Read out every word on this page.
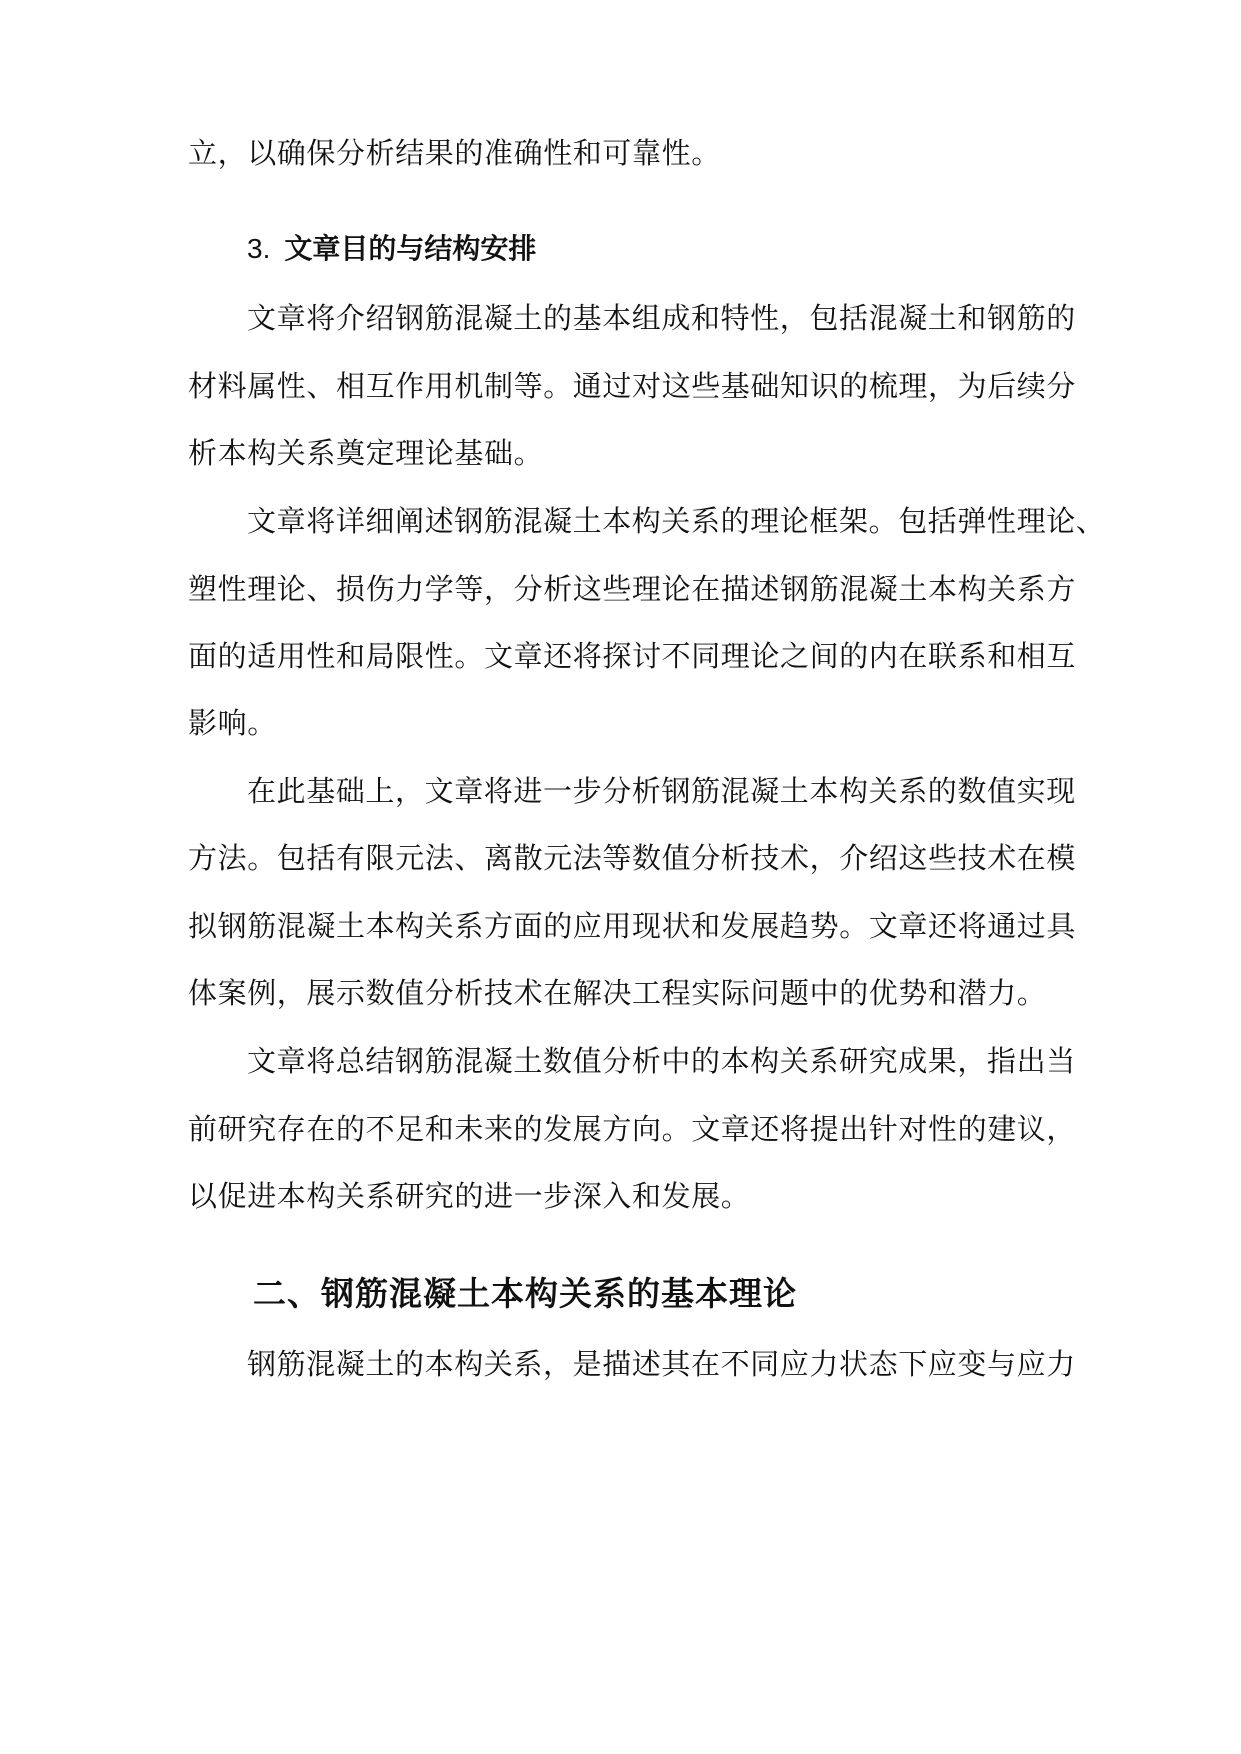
立，以确保分析结果的准确性和可靠性。
3. 文章目的与结构安排
文章将介绍钢筋混凝土的基本组成和特性，包括混凝土和钢筋的
材料属性、相互作用机制等。通过对这些基础知识的梳理，为后续分
析本构关系奠定理论基础。
文章将详细阐述钢筋混凝土本构关系的理论框架。包括弹性理论、
塑性理论、损伤力学等，分析这些理论在描述钢筋混凝土本构关系方
面的适用性和局限性。文章还将探讨不同理论之间的内在联系和相互
影响。
在此基础上，文章将进一步分析钢筋混凝土本构关系的数值实现
方法。包括有限元法、离散元法等数值分析技术，介绍这些技术在模
拟钢筋混凝土本构关系方面的应用现状和发展趋势。文章还将通过具
体案例，展示数值分析技术在解决工程实际问题中的优势和潜力。
文章将总结钢筋混凝土数值分析中的本构关系研究成果，指出当
前研究存在的不足和未来的发展方向。文章还将提出针对性的建议，
以促进本构关系研究的进一步深入和发展。
二、钢筋混凝土本构关系的基本理论
钢筋混凝土的本构关系，是描述其在不同应力状态下应变与应力
